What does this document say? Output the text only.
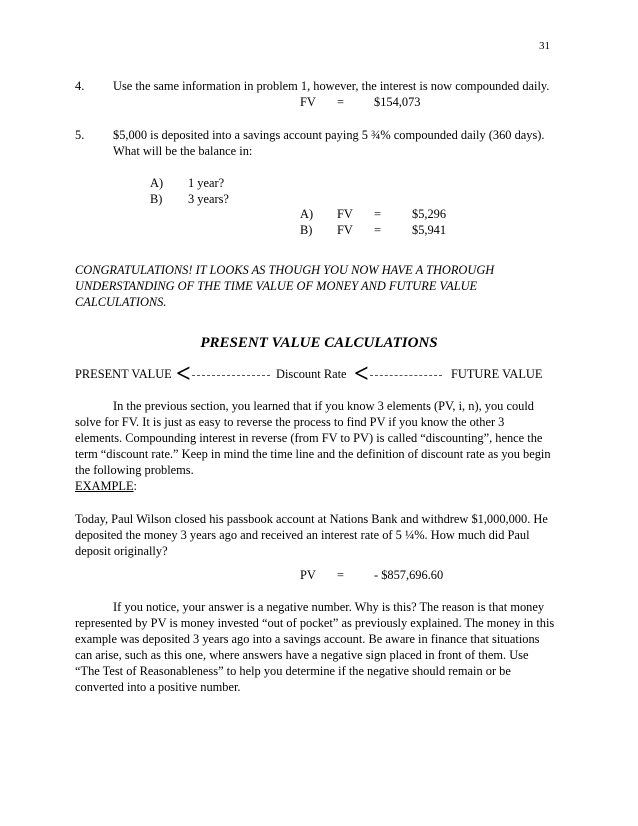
31
4. Use the same information in problem 1, however, the interest is now compounded daily.
FV = $154,073
5. $5,000 is deposited into a savings account paying 5 ¾% compounded daily (360 days).
What will be the balance in:
A) 1 year?
B) 3 years?
A) FV =	$5,296
B) FV =	$5,941
CONGRATULATIONS! IT LOOKS AS THOUGH YOU NOW HAVE A THOROUGH
UNDERSTANDING OF THE TIME VALUE OF MONEY AND FUTURE VALUE
CALCULATIONS.
PRESENT VALUE CALCULATIONS
PRESENT VALUE <	Discount Rate <	FUTURE VALUE
In the previous section, you learned that if you know 3 elements (PV, i, n), you could
solve for FV. It is just as easy to reverse the process to find PV if you know the other 3
elements. Compounding interest in reverse (from FV to PV) is called “discounting”, hence the
term “discount rate.” Keep in mind the time line and the definition of discount rate as you begin
the following problems.
EXAMPLE:
Today, Paul Wilson closed his passbook account at Nations Bank and withdrew $1,000,000. He
deposited the money 3 years ago and received an interest rate of 5 ¼%. How much did Paul
deposit originally?
PV = - $857,696.60
If you notice, your answer is a negative number. Why is this? The reason is that money
represented by PV is money invested “out of pocket” as previously explained. The money in this
example was deposited 3 years ago into a savings account. Be aware in finance that situations
can arise, such as this one, where answers have a negative sign placed in front of them. Use
“The Test of Reasonableness” to help you determine if the negative should remain or be
converted into a positive number.
